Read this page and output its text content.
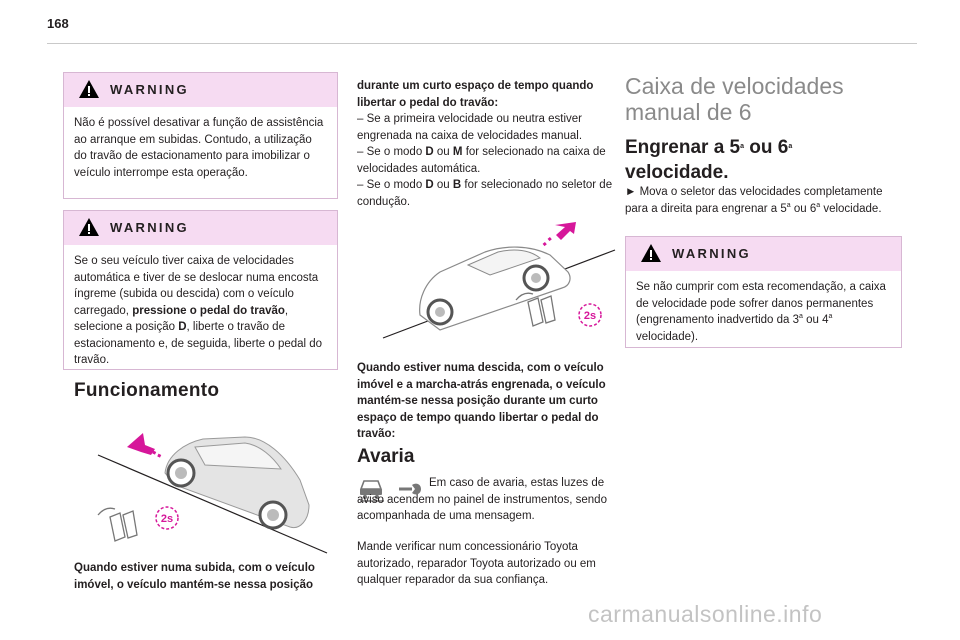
168
WARNING
Não é possível desativar a função de assistência ao arranque em subidas. Contudo, a utilização do travão de estacionamento para imobilizar o veículo interrompe esta operação.
WARNING
Se o seu veículo tiver caixa de velocidades automática e tiver de se deslocar numa encosta íngreme (subida ou descida) com o veículo carregado, pressione o pedal do travão, selecione a posição D, liberte o travão de estacionamento e, de seguida, liberte o pedal do travão.
Funcionamento
2s
Quando estiver numa subida, com o veículo imóvel, o veículo mantém-se nessa posição
durante um curto espaço de tempo quando libertar o pedal do travão:
– Se a primeira velocidade ou neutra estiver engrenada na caixa de velocidades manual.
– Se o modo D ou M for selecionado na caixa de velocidades automática.
– Se o modo D ou B for selecionado no seletor de condução.
2s
Quando estiver numa descida, com o veículo imóvel e a marcha-atrás engrenada, o veículo mantém-se nessa posição durante um curto espaço de tempo quando libertar o pedal do travão:
Avaria
Em caso de avaria, estas luzes de aviso acendem no painel de instrumentos, sendo acompanhada de uma mensagem.
Mande verificar num concessionário Toyota autorizado, reparador Toyota autorizado ou em qualquer reparador da sua confiança.
Caixa de velocidades
manual de 6
Engrenar a 5$^a$ ou 6$^a$
velocidade.
► Mova o seletor das velocidades completamente para a direita para engrenar a 5$^a$ ou 6$^a$ velocidade.
WARNING
Se não cumprir com esta recomendação, a caixa de velocidade pode sofrer danos permanentes (engrenamento inadvertido da 3$^a$ ou 4$^a$ velocidade).
carmanualsonline.info
